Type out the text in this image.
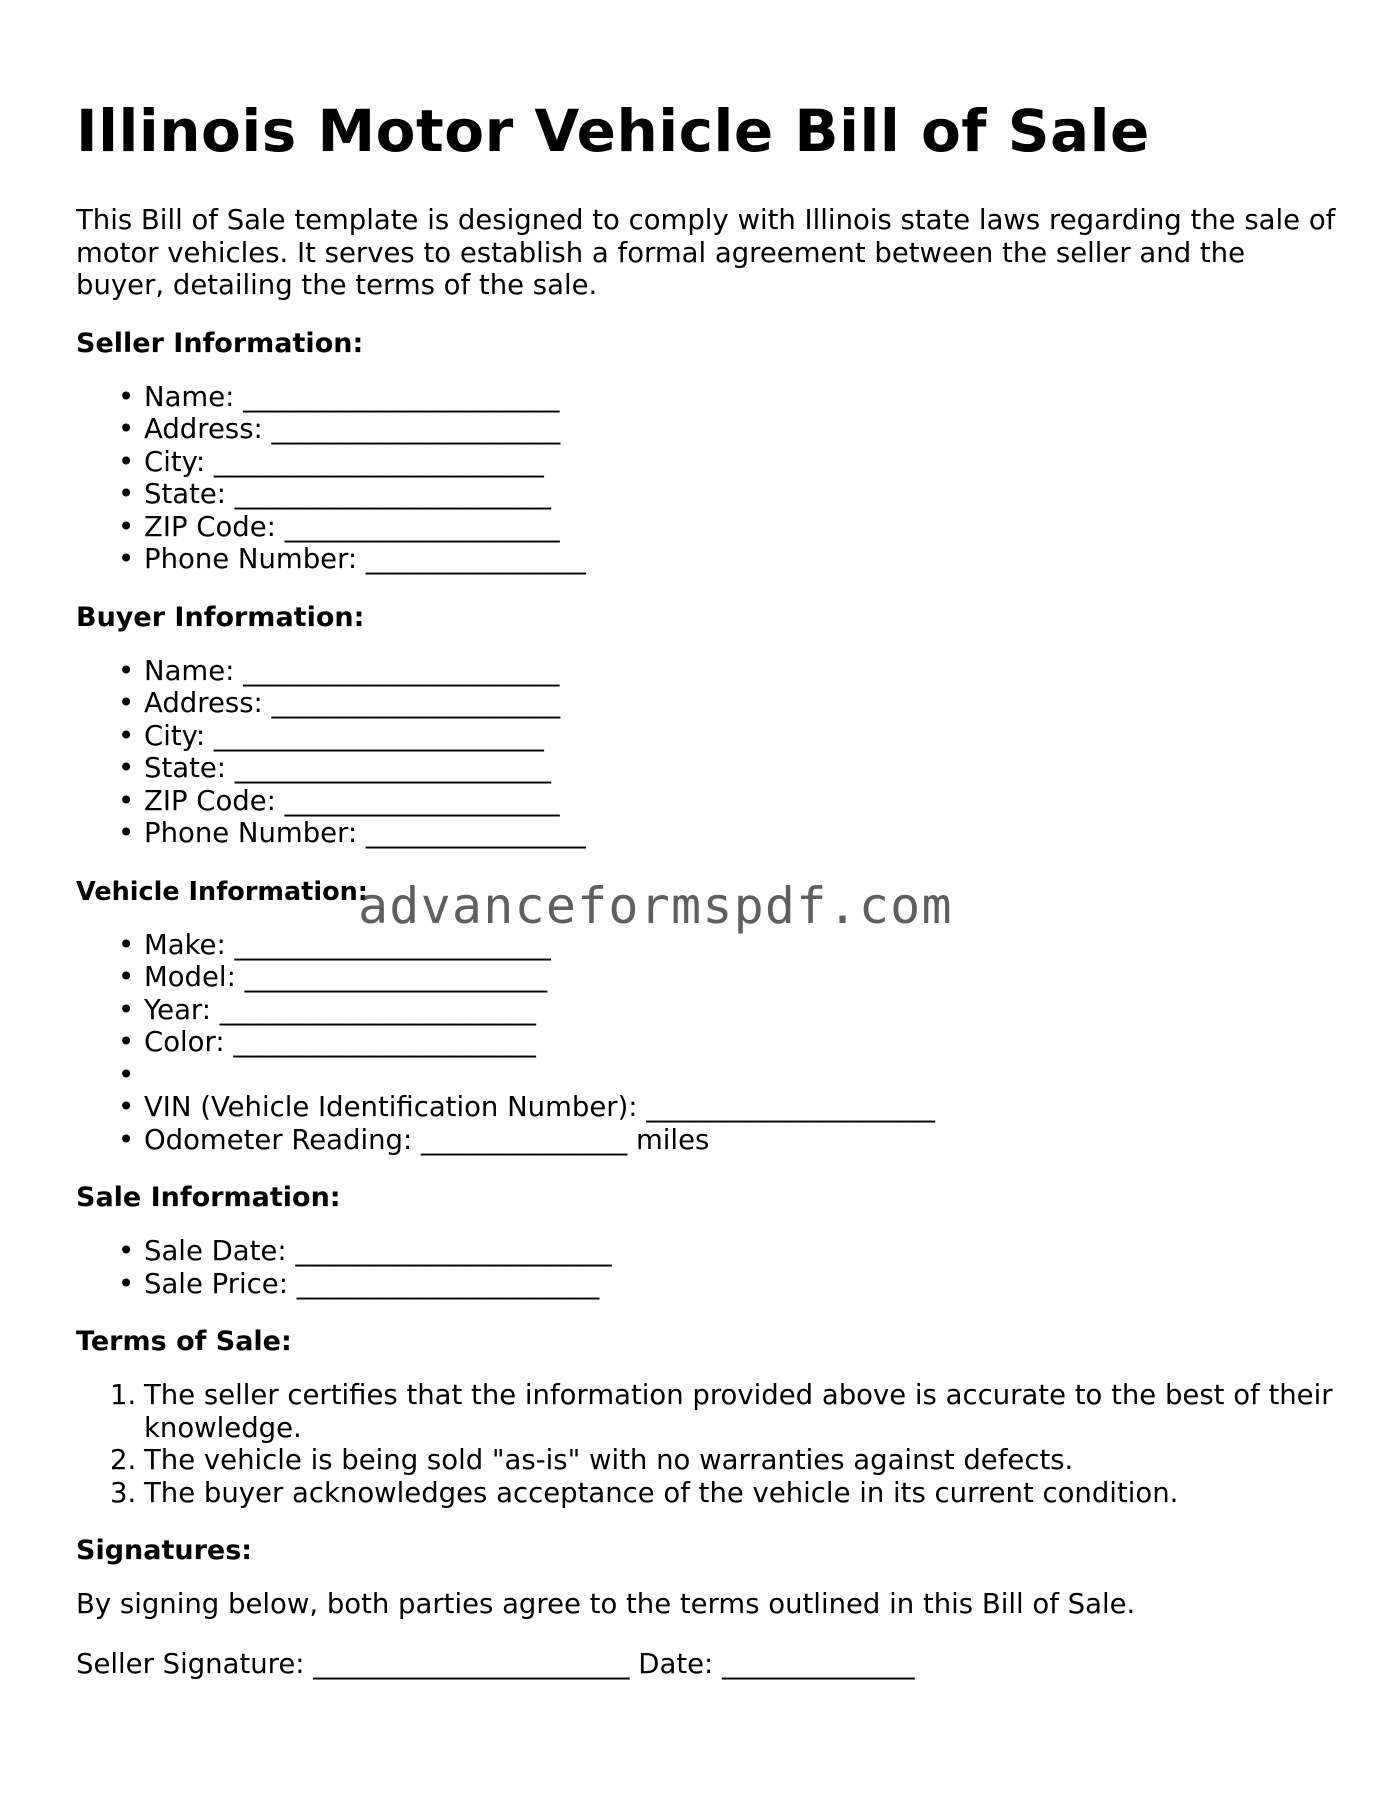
Illinois Motor Vehicle Bill of Sale

This Bill of Sale template is designed to comply with Illinois state laws regarding the sale of motor vehicles. It serves to establish a formal agreement between the seller and the buyer, detailing the terms of the sale.

Seller Information:
• Name: _______________________
• Address: _____________________
• City: ________________________
• State: _______________________
• ZIP Code: ____________________
• Phone Number: ________________
Buyer Information:
• Name: _______________________
• Address: _____________________
• City: ________________________
• State: _______________________
• ZIP Code: ____________________
• Phone Number: ________________
Vehicle Information:
• Make: _______________________
• Model: ______________________
• Year: _______________________
• Color: ______________________
•
• VIN (Vehicle Identification Number): _____________________
• Odometer Reading: _______________ miles
Sale Information:
• Sale Date: _______________________
• Sale Price: ______________________
Terms of Sale:
1. The seller certifies that the information provided above is accurate to the best of their knowledge.
2. The vehicle is being sold "as-is" with no warranties against defects.
3. The buyer acknowledges acceptance of the vehicle in its current condition.
Signatures:

By signing below, both parties agree to the terms outlined in this Bill of Sale.

Seller Signature: _______________________ Date: ______________

advanceformspdf.com
